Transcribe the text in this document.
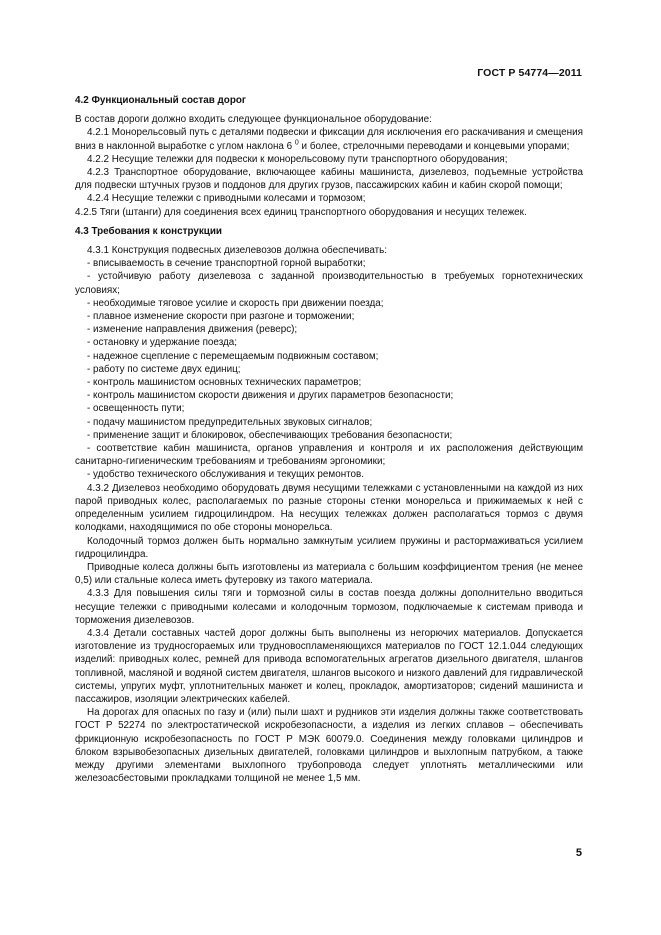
ГОСТ Р 54774—2011
4.2 Функциональный состав дорог

В состав дороги должно входить следующее функциональное оборудование:

4.2.1 Монорельсовый путь с деталями подвески и фиксации для исключения его раскачивания и смещения вниз в наклонной выработке с углом наклона 6 $^0$ и более, стрелочными переводами и концевыми упорами;

4.2.2 Несущие тележки для подвески к монорельсовому пути транспортного оборудования;

4.2.3 Транспортное оборудование, включающее кабины машиниста, дизелевоз, подъемные устройства для подвески штучных грузов и поддонов для других грузов, пассажирских кабин и кабин скорой помощи;

4.2.4 Несущие тележки с приводными колесами и тормозом;

4.2.5 Тяги (штанги) для соединения всех единиц транспортного оборудования и несущих тележек.

4.3 Требования к конструкции

4.3.1 Конструкция подвесных дизелевозов должна обеспечивать:

- вписываемость в сечение транспортной горной выработки;

- устойчивую работу дизелевоза с заданной производительностью в требуемых горнотехнических условиях;

- необходимые тяговое усилие и скорость при движении поезда;

- плавное изменение скорости при разгоне и торможении;

- изменение направления движения (реверс);

- остановку и удержание поезда;

- надежное сцепление с перемещаемым подвижным составом;

- работу по системе двух единиц;

- контроль машинистом основных технических параметров;

- контроль машинистом скорости движения и других параметров безопасности;

- освещенность пути;

- подачу машинистом предупредительных звуковых сигналов;

- применение защит и блокировок, обеспечивающих требования безопасности;

- соответствие кабин машиниста, органов управления и контроля и их расположения действующим санитарно-гигиеническим требованиям и требованиям эргономики;

- удобство технического обслуживания и текущих ремонтов.

4.3.2 Дизелевоз необходимо оборудовать двумя несущими тележками с установленными на каждой из них парой приводных колес, располагаемых по разные стороны стенки монорельса и прижимаемых к ней с определенным усилием гидроцилиндром. На несущих тележках должен располагаться тормоз с двумя колодками, находящимися по обе стороны монорельса.

Колодочный тормоз должен быть нормально замкнутым усилием пружины и растормаживаться усилием гидроцилиндра.

Приводные колеса должны быть изготовлены из материала с большим коэффициентом трения (не менее 0,5) или стальные колеса иметь футеровку из такого материала.

4.3.3 Для повышения силы тяги и тормозной силы в состав поезда должны дополнительно вводиться несущие тележки с приводными колесами и колодочным тормозом, подключаемые к системам привода и торможения дизелевозов.

4.3.4 Детали составных частей дорог должны быть выполнены из негорючих материалов. Допускается изготовление из трудносгораемых или трудновоспламеняющихся материалов по ГОСТ 12.1.044 следующих изделий: приводных колес, ремней для привода вспомогательных агрегатов дизельного двигателя, шлангов топливной, масляной и водяной систем двигателя, шлангов высокого и низкого давлений для гидравлической системы, упругих муфт, уплотнительных манжет и колец, прокладок, амортизаторов; сидений машиниста и пассажиров, изоляции электрических кабелей.

На дорогах для опасных по газу и (или) пыли шахт и рудников эти изделия должны также соответствовать ГОСТ Р 52274 по электростатической искробезопасности, а изделия из легких сплавов – обеспечивать фрикционную искробезопасность по ГОСТ Р МЭК 60079.0. Соединения между головками цилиндров и блоком взрывобезопасных дизельных двигателей, головками цилиндров и выхлопным патрубком, а также между другими элементами выхлопного трубопровода следует уплотнять металлическими или железоасбестовыми прокладками толщиной не менее 1,5 мм.

5
